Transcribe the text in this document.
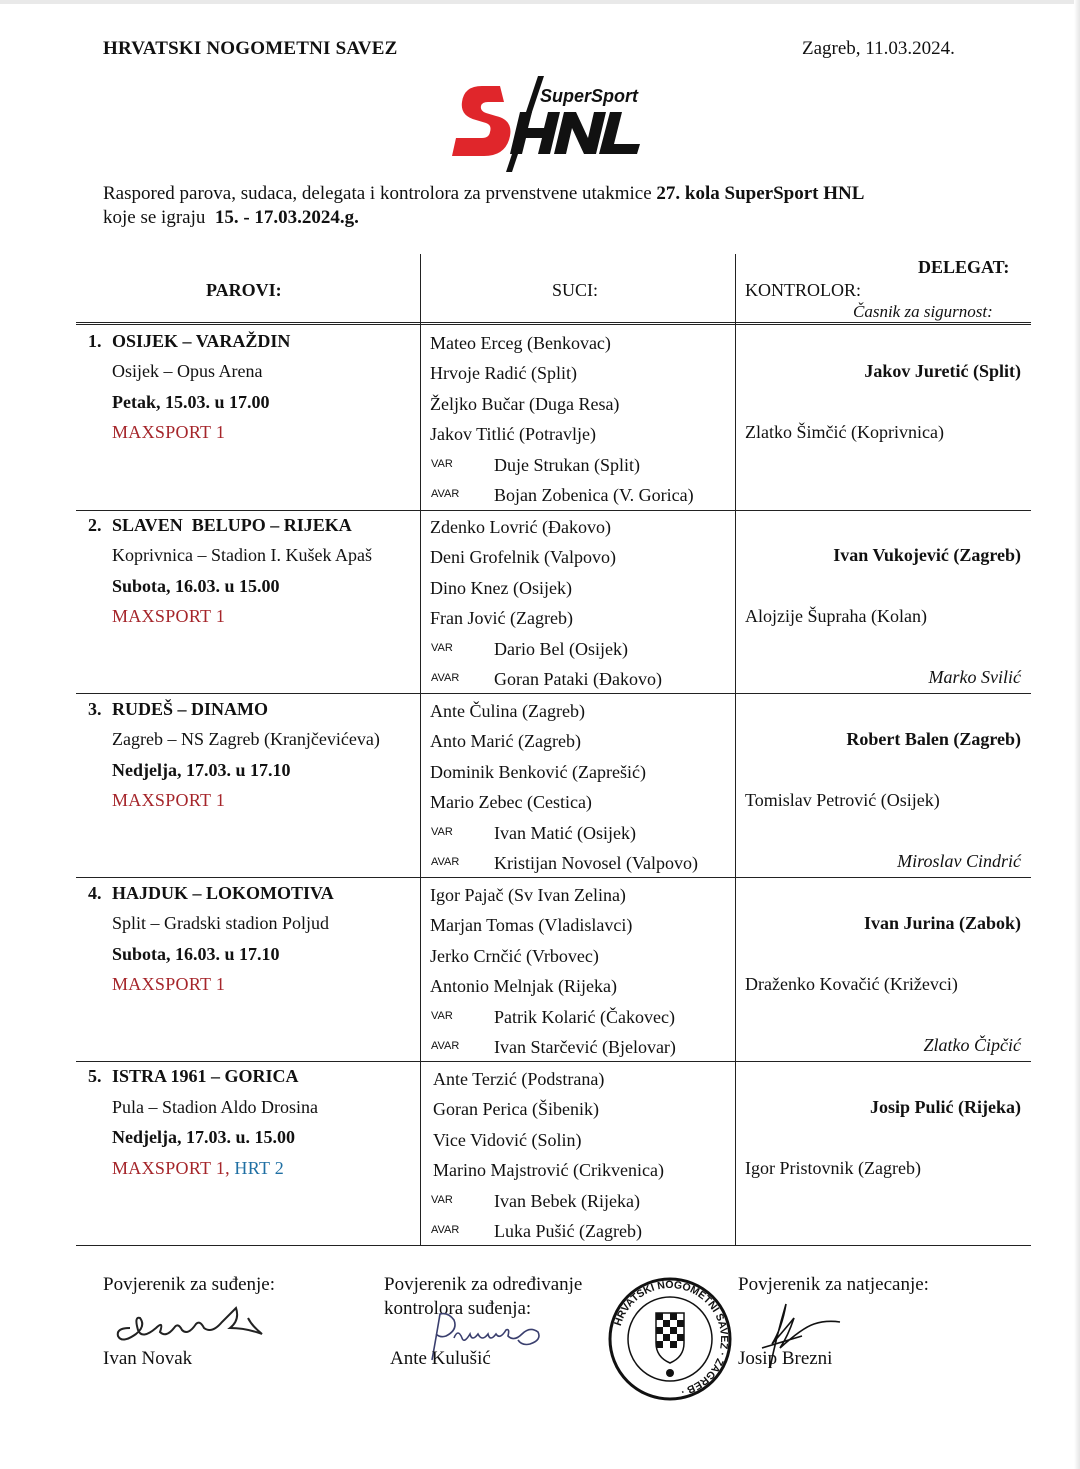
HRVATSKI NOGOMETNI SAVEZ	Zagreb, 11.03.2024.
SuperSport
Raspored parova, sudaca, delegata i kontrolora za prvenstvene utakmice 27. kola SuperSport HNL
koje se igraju 15. - 17.03.2024.g.
PAROVI:	SUCI:
DELEGAT:
KONTROLOR:
Časnik za sigurnost:
1. OSIJEK – VARAŽDIN
Osijek – Opus Arena
Petak, 15.03. u 17.00
MAXSPORT 1
Mateo Erceg (Benkovac)
Hrvoje Radić (Split)
Željko Bučar (Duga Resa)
Jakov Titlić (Potravlje)
VAR Duje Strukan (Split)
AVAR Bojan Zobenica (V. Gorica)
Jakov Juretić (Split)
Zlatko Šimčić (Koprivnica)
2. SLAVEN  BELUPO – RIJEKA
Koprivnica – Stadion I. Kušek Apaš
Subota, 16.03. u 15.00
MAXSPORT 1
Zdenko Lovrić (Đakovo)
Deni Grofelnik (Valpovo)
Dino Knez (Osijek)
Fran Jović (Zagreb)
VAR Dario Bel (Osijek)
AVAR Goran Pataki (Đakovo)
Ivan Vukojević (Zagreb)
Alojzije Šupraha (Kolan)
Marko Svilić
3. RUDEŠ – DINAMO
Zagreb – NS Zagreb (Kranjčevićeva)
Nedjelja, 17.03. u 17.10
MAXSPORT 1
Ante Čulina (Zagreb)
Anto Marić (Zagreb)
Dominik Benković (Zaprešić)
Mario Zebec (Cestica)
VAR Ivan Matić (Osijek)
AVAR Kristijan Novosel (Valpovo)
Robert Balen (Zagreb)
Tomislav Petrović (Osijek)
Miroslav Cindrić
4. HAJDUK – LOKOMOTIVA
Split – Gradski stadion Poljud
Subota, 16.03. u 17.10
MAXSPORT 1
Igor Pajač (Sv Ivan Zelina)
Marjan Tomas (Vladislavci)
Jerko Crnčić (Vrbovec)
Antonio Melnjak (Rijeka)
VAR Patrik Kolarić (Čakovec)
AVAR Ivan Starčević (Bjelovar)
Ivan Jurina (Zabok)
Draženko Kovačić (Križevci)
Zlatko Čipčić
5. ISTRA 1961 – GORICA
Pula – Stadion Aldo Drosina
Nedjelja, 17.03. u. 15.00
MAXSPORT 1, HRT 2
Ante Terzić (Podstrana)
Goran Perica (Šibenik)
Vice Vidović (Solin)
Marino Majstrović (Crikvenica)
VAR Ivan Bebek (Rijeka)
AVAR Luka Pušić (Zagreb)
Josip Pulić (Rijeka)
Igor Pristovnik (Zagreb)
Povjerenik za suđenje:
Ivan Novak
Povjerenik za određivanje
kontrolora suđenja:
Ante Kulušić
HRVATSKI NOGOMETNI SAVEZ · ZAGREB ·
Povjerenik za natjecanje:
Josip Brezni
